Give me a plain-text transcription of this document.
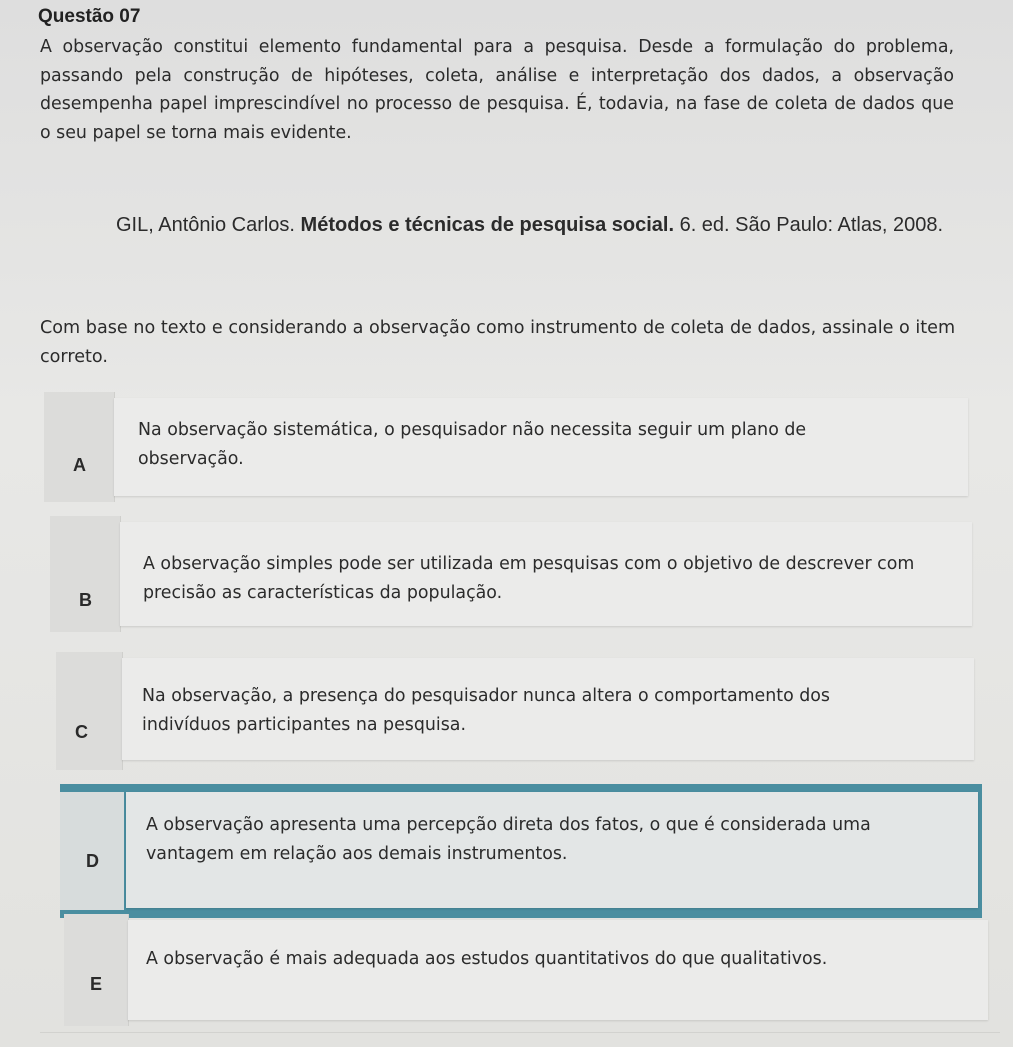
Questão 07
A observação constitui elemento fundamental para a pesquisa. Desde a formulação do problema, passando pela construção de hipóteses, coleta, análise e interpretação dos dados, a observação desempenha papel imprescindível no processo de pesquisa. É, todavia, na fase de coleta de dados que o seu papel se torna mais evidente.
GIL, Antônio Carlos. Métodos e técnicas de pesquisa social. 6. ed. São Paulo: Atlas, 2008.
Com base no texto e considerando a observação como instrumento de coleta de dados, assinale o item correto.
A
Na observação sistemática, o pesquisador não necessita seguir um plano de observação.
B
A observação simples pode ser utilizada em pesquisas com o objetivo de descrever com precisão as características da população.
C
Na observação, a presença do pesquisador nunca altera o comportamento dos indivíduos participantes na pesquisa.
D
A observação apresenta uma percepção direta dos fatos, o que é considerada uma vantagem em relação aos demais instrumentos.
E
A observação é mais adequada aos estudos quantitativos do que qualitativos.
